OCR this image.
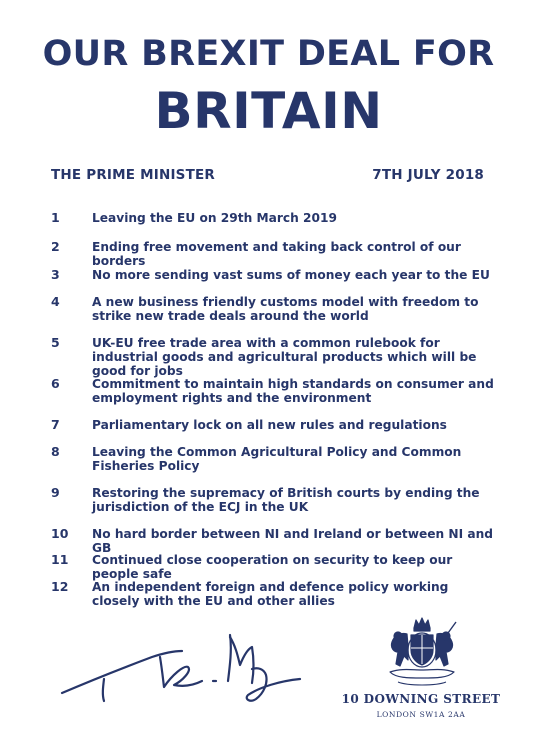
OUR BREXIT DEAL FOR
BRITAIN
THE PRIME MINISTER	7TH JULY 2018
1	Leaving the EU on 29th March 2019
2	Ending free movement and taking back control of our borders
3	No more sending vast sums of money each year to the EU
4	A new business friendly customs model with freedom to strike new trade deals around the world
5	UK-EU free trade area with a common rulebook for industrial goods and agricultural products which will be good for jobs
6	Commitment to maintain high standards on consumer and employment rights and the environment
7	Parliamentary lock on all new rules and regulations
8	Leaving the Common Agricultural Policy and Common Fisheries Policy
9	Restoring the supremacy of British courts by ending the jurisdiction of the ECJ in the UK
10 No hard border between NI and Ireland or between NI and GB
11 Continued close cooperation on security to keep our people safe
12 An independent foreign and defence policy working closely with the EU and other allies
10 DOWNING STREET
LONDON SW1A 2AA
